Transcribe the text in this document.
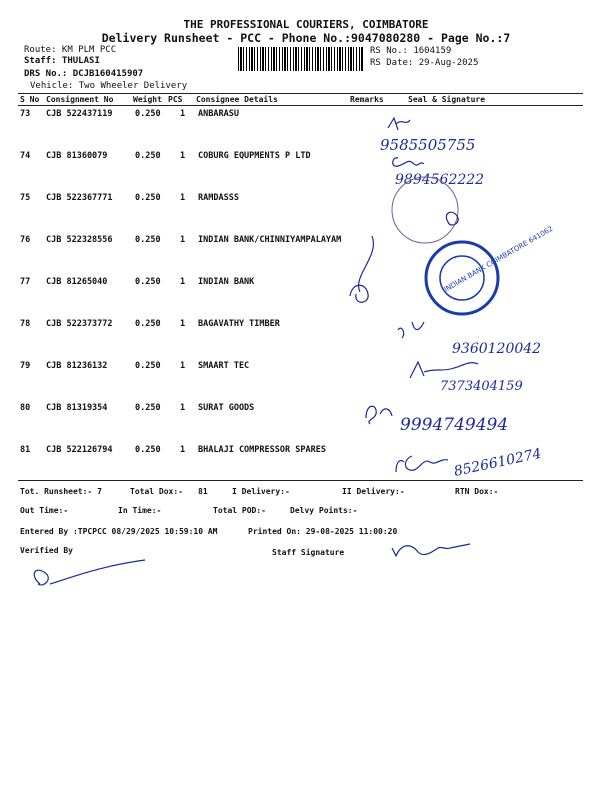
THE PROFESSIONAL COURIERS, COIMBATORE
Delivery Runsheet - PCC - Phone No.:9047080280 - Page No.:7
Route: KM PLM PCC
Staff: THULASI
DRS No.: DCJB160415907
Vehicle: Two Wheeler Delivery
RS No.: 1604159
RS Date: 29-Aug-2025
S No Consignment No Weight PCS Consignee Details	Remarks	Seal & Signature
73 CJB 522437119	0.250 1 ANBARASU
74 CJB 81360079	0.250 1 COBURG EQUPMENTS P LTD
75 CJB 522367771	0.250 1 RAMDASSS
76 CJB 522328556	0.250 1 INDIAN BANK/CHINNIYAMPALAYAM
77 CJB 81265040	0.250 1 INDIAN BANK
78 CJB 522373772	0.250 1 BAGAVATHY TIMBER
79 CJB 81236132	0.250 1 SMAART TEC
80 CJB 81319354	0.250 1 SURAT GOODS
81 CJB 522126794	0.250 1 BHALAJI COMPRESSOR SPARES
Tot. Runsheet:- 7	Total Dox:- 81	I Delivery:-	II Delivery:-	RTN Dox:-
Out Time:-	In Time:-	Total POD:-	Delvy Points:-
Entered By :TPCPCC 08/29/2025 10:59:10 AM	Printed On: 29-08-2025 11:00:20
Verified By	Staff Signature
9585505755
9894562222
INDIAN BANK COIMBATORE 641062
9360120042
7373404159
9994749494
8526610274
